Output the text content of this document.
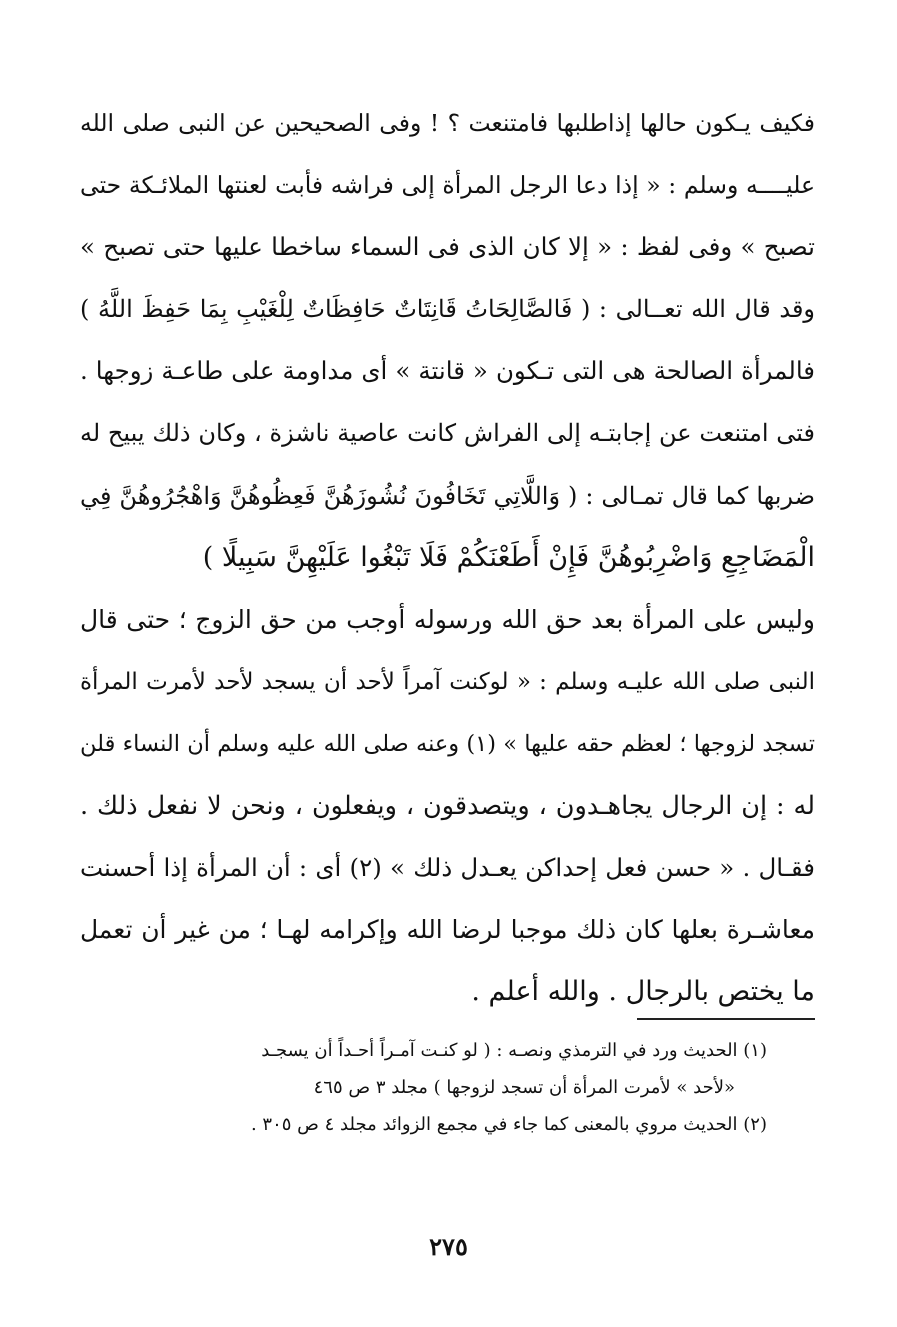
فكيف يـكون حالها إذاطلبها فامتنعت ؟ ! وفى الصحيحين عن النبى صلى الله
عليــــه وسلم : « إذا دعا الرجل المرأة إلى فراشه فأبت لعنتها الملائـكة حتى
تصبح » وفى لفظ : « إلا كان الذى فى السماء ساخطا عليها حتى تصبح »
وقد قال الله تعــالى : ( فَالصَّالِحَاتُ قَانِتَاتٌ حَافِظَاتٌ لِلْغَيْبِ بِمَا حَفِظَ اللَّهُ )
فالمرأة الصالحة هى التى تـكون « قانتة » أى مداومة على طاعـة زوجها .
فتى امتنعت عن إجابتـه إلى الفراش كانت عاصية ناشزة ، وكان ذلك يبيح له
ضربها كما قال تمـالى : ( وَاللَّاتِي تَخَافُونَ نُشُوزَهُنَّ فَعِظُوهُنَّ وَاهْجُرُوهُنَّ فِي
الْمَضَاجِعِ وَاضْرِبُوهُنَّ فَإِنْ أَطَعْنَكُمْ فَلَا تَبْغُوا عَلَيْهِنَّ سَبِيلًا )
وليس على المرأة بعد حق الله ورسوله أوجب من حق الزوج ؛ حتى قال
النبى صلى الله عليـه وسلم : « لوكنت آمراً لأحد أن يسجد لأحد لأمرت المرأة
تسجد لزوجها ؛ لعظم حقه عليها » (١) وعنه صلى الله عليه وسلم أن النساء قلن
له : إن الرجال يجاهـدون ، ويتصدقون ، ويفعلون ، ونحن لا نفعل ذلك .
فقـال . « حسن فعل إحداكن يعـدل ذلك » (٢) أى : أن المرأة إذا أحسنت
معاشـرة بعلها كان ذلك موجبا لرضا الله وإكرامه لهـا ؛ من غير أن تعمل
ما يختص بالرجال . والله أعلم .
(١) الحديث ورد في الترمذي ونصـه : ( لو كنـت آمـراً أحـداً أن يسجـد
«لأحد » لأمرت المرأة أن تسجد لزوجها ) مجلد ٣ ص ٤٦٥
(٢) الحديث مروي بالمعنى كما جاء في مجمع الزوائد مجلد ٤ ص ٣٠٥ .
٢٧٥
